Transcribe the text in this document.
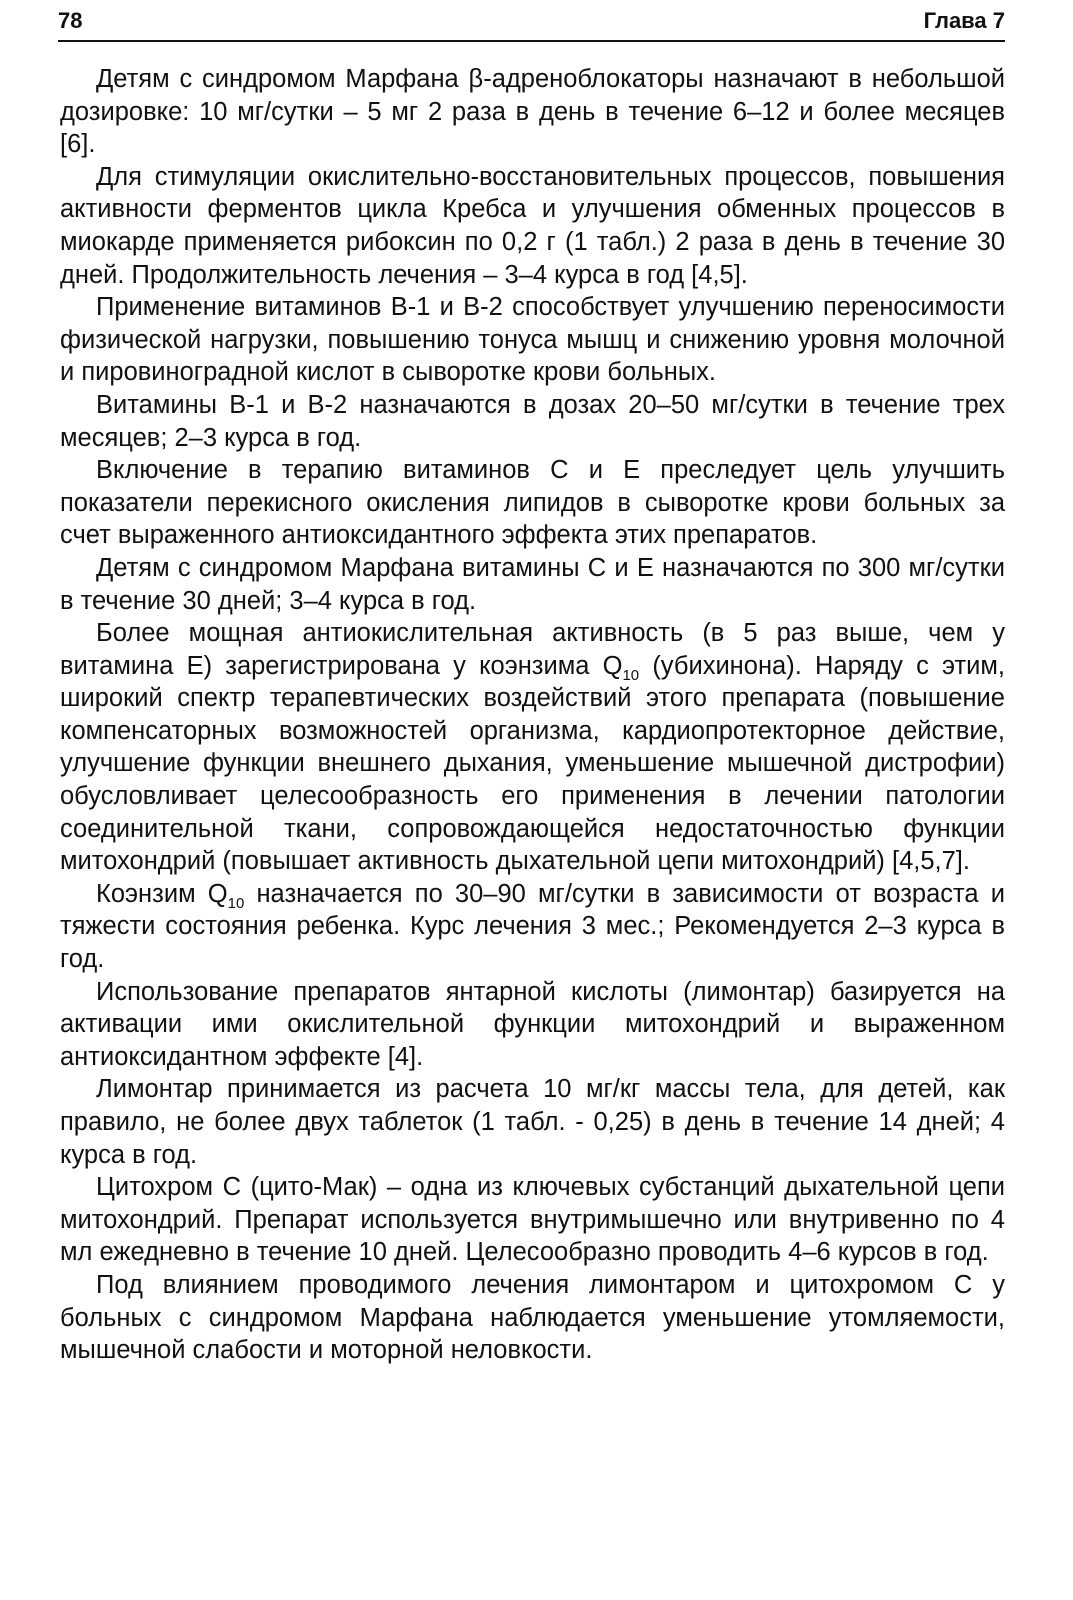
78	Глава 7

Детям с синдромом Марфана β-адреноблокаторы назначают в небольшой дозировке: 10 мг/сутки – 5 мг 2 раза в день в течение 6–12 и более месяцев [6].

Для стимуляции окислительно-восстановительных процессов, повышения активности ферментов цикла Кребса и улучшения обменных процессов в миокарде применяется рибоксин по 0,2 г (1 табл.) 2 раза в день в течение 30 дней. Продолжительность лечения – 3–4 курса в год [4,5].

Применение витаминов В-1 и В-2 способствует улучшению переносимости физической нагрузки, повышению тонуса мышц и снижению уровня молочной и пировиноградной кислот в сыворотке крови больных.

Витамины В-1 и В-2 назначаются в дозах 20–50 мг/сутки в течение трех месяцев; 2–3 курса в год.

Включение в терапию витаминов С и Е преследует цель улучшить показатели перекисного окисления липидов в сыворотке крови больных за счет выраженного антиоксидантного эффекта этих препаратов.

Детям с синдромом Марфана витамины С и Е назначаются по 300 мг/сутки в течение 30 дней; 3–4 курса в год.

Более мощная антиокислительная активность (в 5 раз выше, чем у витамина Е) зарегистрирована у коэнзима $Q_{10}$ (убихинона). Наряду с этим, широкий спектр терапевтических воздействий этого препарата (повышение компенсаторных возможностей организма, кардиопротекторное действие, улучшение функции внешнего дыхания, уменьшение мышечной дистрофии) обусловливает целесообразность его применения в лечении патологии соединительной ткани, сопровождающейся недостаточностью функции митохондрий (повышает активность дыхательной цепи митохондрий) [4,5,7].

Коэнзим $Q_{10}$ назначается по 30–90 мг/сутки в зависимости от возраста и тяжести состояния ребенка. Курс лечения 3 мес.; Рекомендуется 2–3 курса в год.

Использование препаратов янтарной кислоты (лимонтар) базируется на активации ими окислительной функции митохондрий и выраженном антиоксидантном эффекте [4].

Лимонтар принимается из расчета 10 мг/кг массы тела, для детей, как правило, не более двух таблеток (1 табл. - 0,25) в день в течение 14 дней; 4 курса в год.

Цитохром С (цито-Мак) – одна из ключевых субстанций дыхательной цепи митохондрий. Препарат используется внутримышечно или внутривенно по 4 мл ежедневно в течение 10 дней. Целесообразно проводить 4–6 курсов в год.

Под влиянием проводимого лечения лимонтаром и цитохромом С у больных с синдромом Марфана наблюдается уменьшение утомляемости, мышечной слабости и моторной неловкости.
